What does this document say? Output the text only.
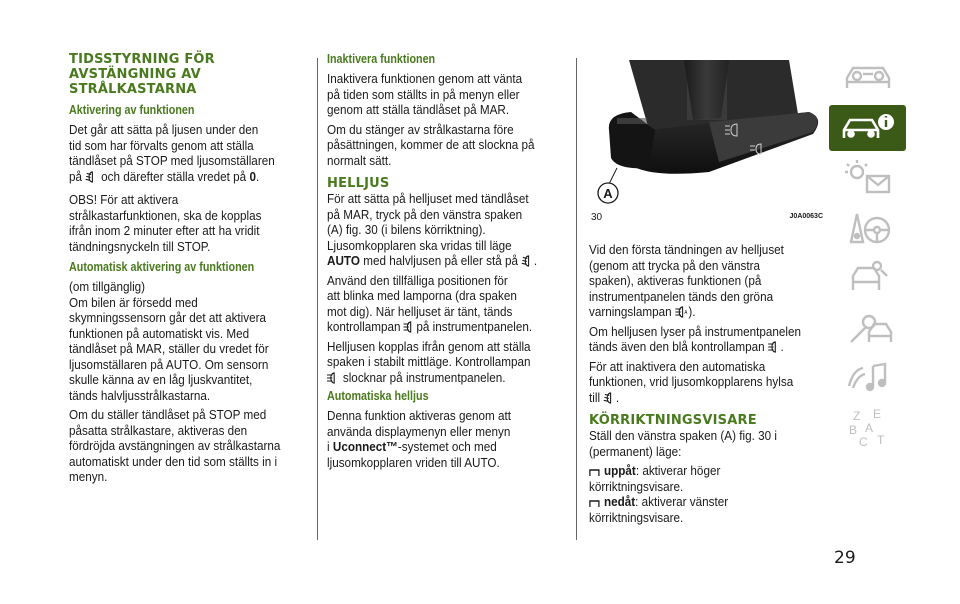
TIDSSTYRNING FÖR
AVSTÄNGNING AV
STRÅLKASTARNA
Aktivering av funktionen
Det går att sätta på ljusen under den
tid som har förvalts genom att ställa
tändlåset på STOP med ljusomställaren
på och därefter ställa vredet på 0.
OBS! För att aktivera
strålkastarfunktionen, ska de kopplas
ifrån inom 2 minuter efter att ha vridit
tändningsnyckeln till STOP.
Automatisk aktivering av funktionen
(om tillgänglig)
Om bilen är försedd med
skymningssensorn går det att aktivera
funktionen på automatiskt vis. Med
tändlåset på MAR, ställer du vredet för
ljusomställaren på AUTO. Om sensorn
skulle känna av en låg ljuskvantitet,
tänds halvljusstrålkastarna.
Om du ställer tändlåset på STOP med
påsatta strålkastare, aktiveras den
fördröjda avstängningen av strålkastarna
automatiskt under den tid som ställts in i
menyn.
Inaktivera funktionen
Inaktivera funktionen genom att vänta
på tiden som ställts in på menyn eller
genom att ställa tändlåset på MAR.
Om du stänger av strålkastarna före
påsättningen, kommer de att slockna på
normalt sätt.
HELLJUS
För att sätta på helljuset med tändlåset
på MAR, tryck på den vänstra spaken
(A) fig. 30 (i bilens körriktning).
Ljusomkopplaren ska vridas till läge
AUTO med halvljusen på eller stå på .
Använd den tillfälliga positionen för
att blinka med lamporna (dra spaken
mot dig). När helljuset är tänt, tänds
kontrollampan på instrumentpanelen.
Helljusen kopplas ifrån genom att ställa
spaken i stabilt mittläge. Kontrollampan
slocknar på instrumentpanelen.
Automatiska helljus
Denna funktion aktiveras genom att
använda displaymenyn eller menyn
i Uconnect™-systemet och med
ljusomkopplaren vriden till AUTO.
A
30	J0A0063C
Vid den första tändningen av helljuset
(genom att trycka på den vänstra
spaken), aktiveras funktionen (på
instrumentpanelen tänds den gröna
varningslampan	A ).
Om helljusen lyser på instrumentpanelen
tänds även den blå kontrollampan .
För att inaktivera den automatiska
funktionen, vrid ljusomkopplarens hylsa
till .
KÖRRIKTNINGSVISARE
Ställ den vänstra spaken (A) fig. 30 i
(permanent) läge:
uppåt: aktiverar höger
körriktningsvisare.
nedåt: aktiverar vänster
körriktningsvisare.
Z E
B A
C T
29
